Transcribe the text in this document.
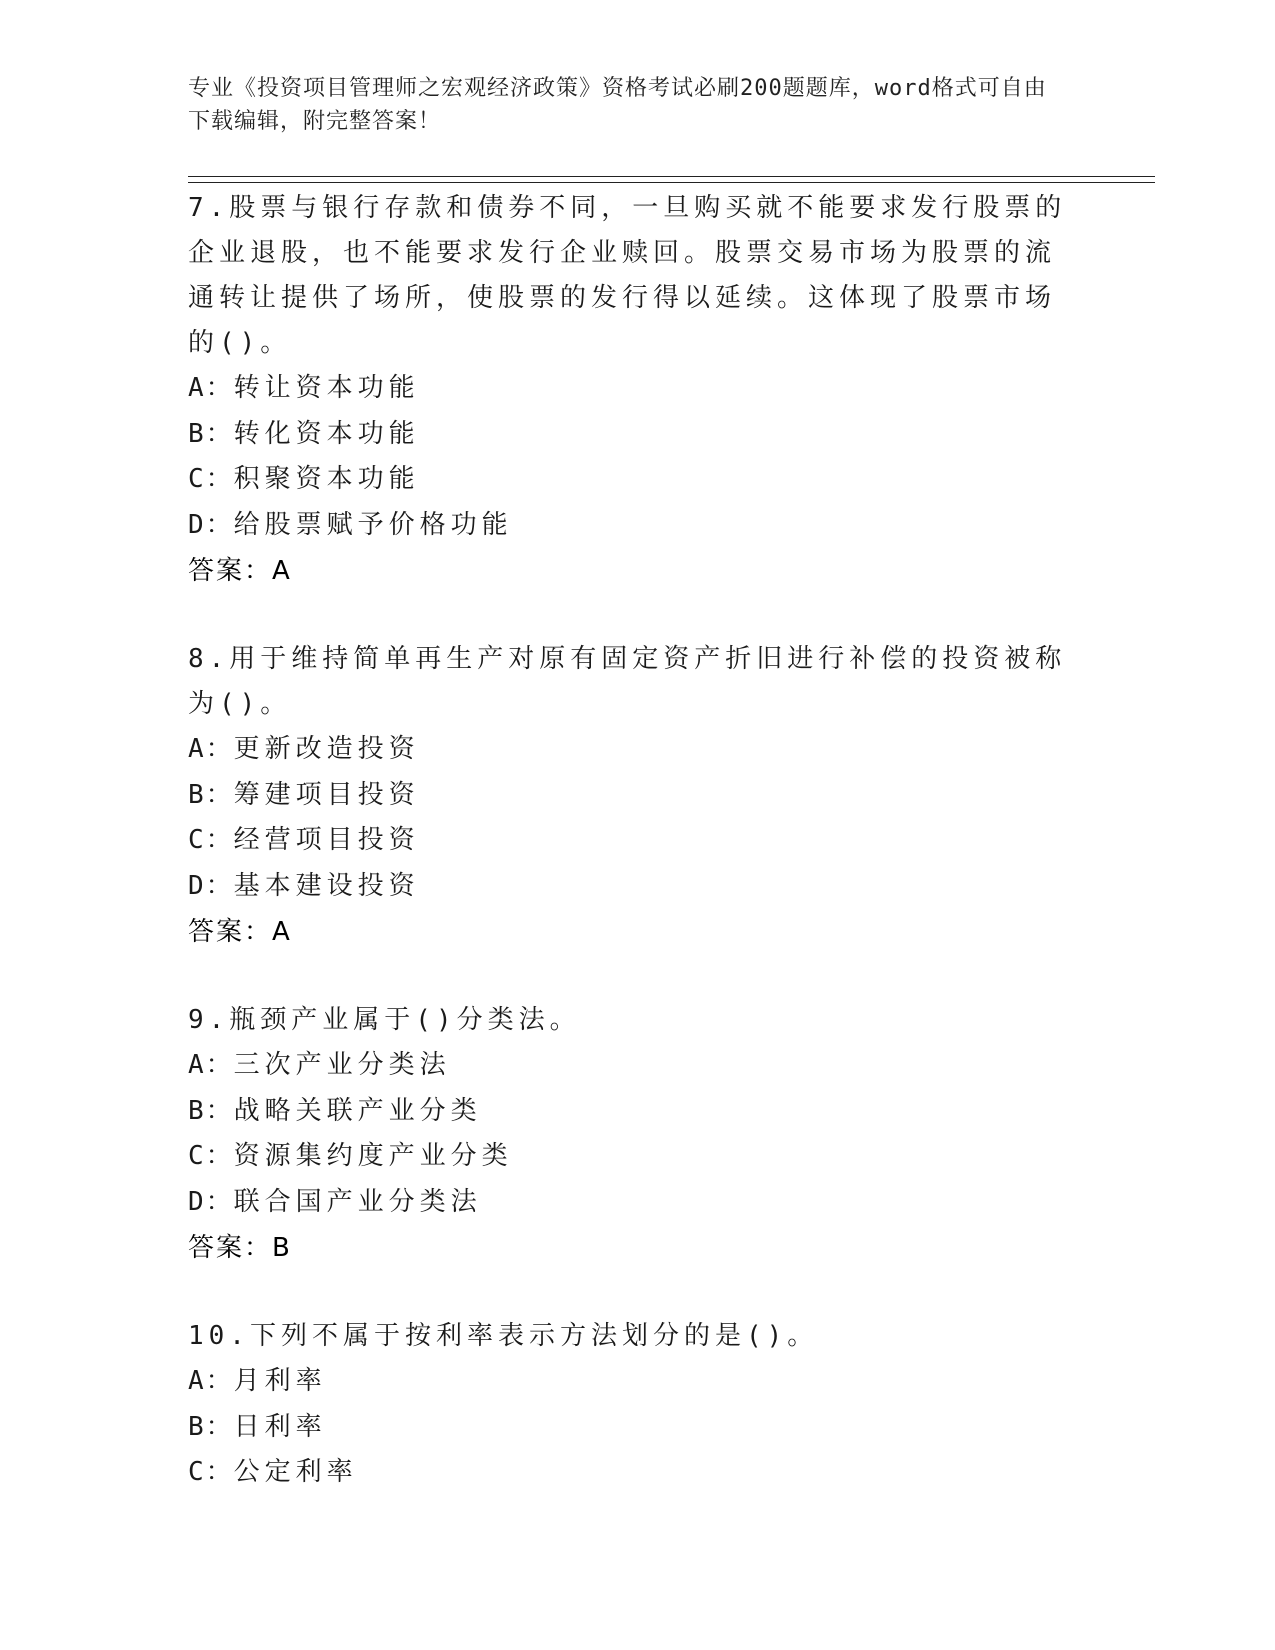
专业《投资项目管理师之宏观经济政策》资格考试必刷200题题库，word格式可自由下载编辑，附完整答案！
7.股票与银行存款和债券不同，一旦购买就不能要求发行股票的企业退股，也不能要求发行企业赎回。股票交易市场为股票的流通转让提供了场所，使股票的发行得以延续。这体现了股票市场的()。
A：转让资本功能
B：转化资本功能
C：积聚资本功能
D：给股票赋予价格功能
答案：A
8.用于维持简单再生产对原有固定资产折旧进行补偿的投资被称为()。
A：更新改造投资
B：筹建项目投资
C：经营项目投资
D：基本建设投资
答案：A
9.瓶颈产业属于()分类法。
A：三次产业分类法
B：战略关联产业分类
C：资源集约度产业分类
D：联合国产业分类法
答案：B
10.下列不属于按利率表示方法划分的是()。
A：月利率
B：日利率
C：公定利率
